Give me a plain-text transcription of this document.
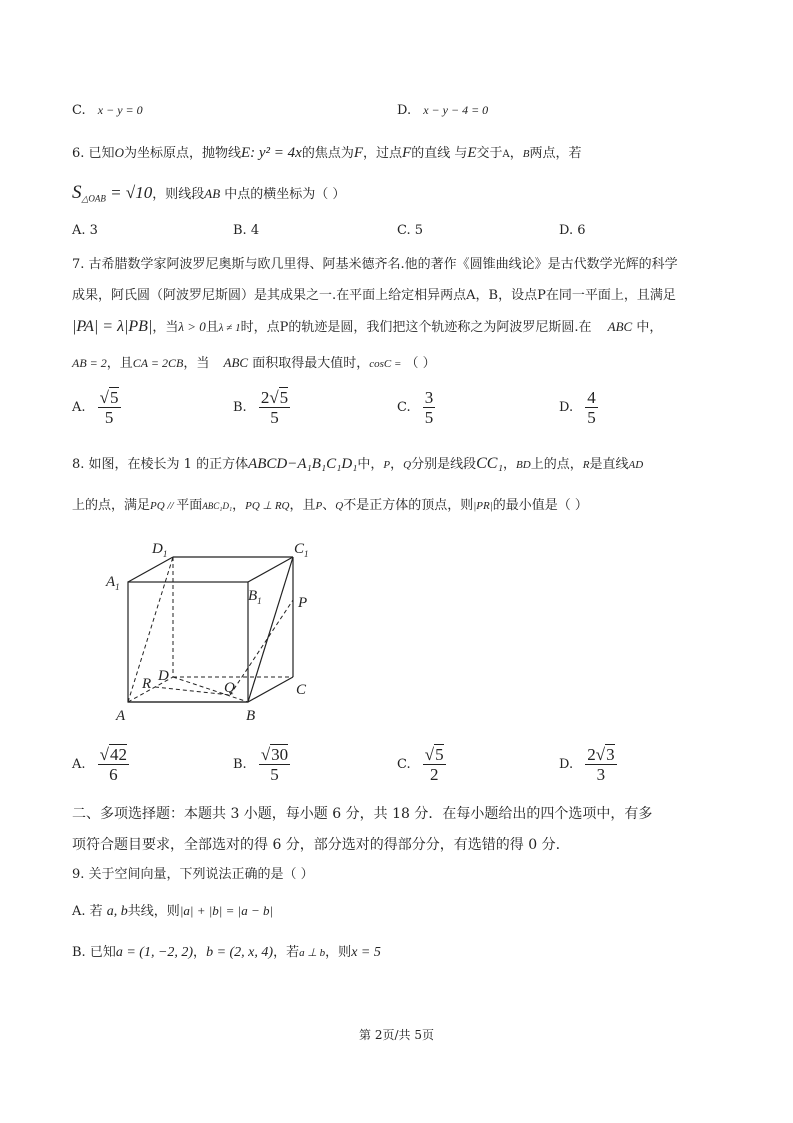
C. x − y = 0	D. x − y − 4 = 0
6. 已知O为坐标原点，抛物线E: y² = 4x的焦点为F，过点F的直线 与E交于A，B两点，若
$S_{\triangle OAB} = √10$，则线段AB 中点的横坐标为（ ）
A. 3	B. 4	C. 5	D. 6
7. 古希腊数学家阿波罗尼奥斯与欧几里得、阿基米德齐名.他的著作《圆锥曲线论》是古代数学光辉的科学
成果，阿氏圆（阿波罗尼斯圆）是其成果之一.在平面上给定相异两点A，B，设点P在同一平面上，且满足
|PA| = λ|PB|，当λ > 0且λ ≠ 1时，点P的轨迹是圆，我们把这个轨迹称之为阿波罗尼斯圆.在 ABC 中，
AB = 2，且CA = 2CB，当 ABC 面积取得最大值时，cosC = （ ）
A. $\frac{√5}{5}$	B. $\frac{2√5}{5}$	C. $\frac{3}{5}$	D. $\frac{4}{5}$
8. 如图，在棱长为 1 的正方体ABCD−A₁B₁C₁D₁中，P，Q分别是线段CC₁，BD上的点，R是直线AD
上的点，满足PQ // 平面ABC₁D₁，PQ ⊥ RQ，且P、Q不是正方体的顶点，则|PR|的最小值是（ ）
$D_1$	$C_1$
$A_1$
$B_1$ P
D
R	Q	C
A	B
A. $\frac{√42}{6}$	B. $\frac{√30}{5}$	C. $\frac{√5}{2}$	D. $\frac{2√3}{3}$
二、多项选择题：本题共 3 小题，每小题 6 分，共 18 分．在每小题给出的四个选项中，有多
项符合题目要求，全部选对的得 6 分，部分选对的得部分分，有选错的得 0 分.
9. 关于空间向量，下列说法正确的是（ ）
A. 若 a, b共线，则|a| + |b| = |a − b|
B. 已知a = (1, −2, 2)，b = (2, x, 4)，若a ⊥ b，则x = 5
第 2页/共 5页
